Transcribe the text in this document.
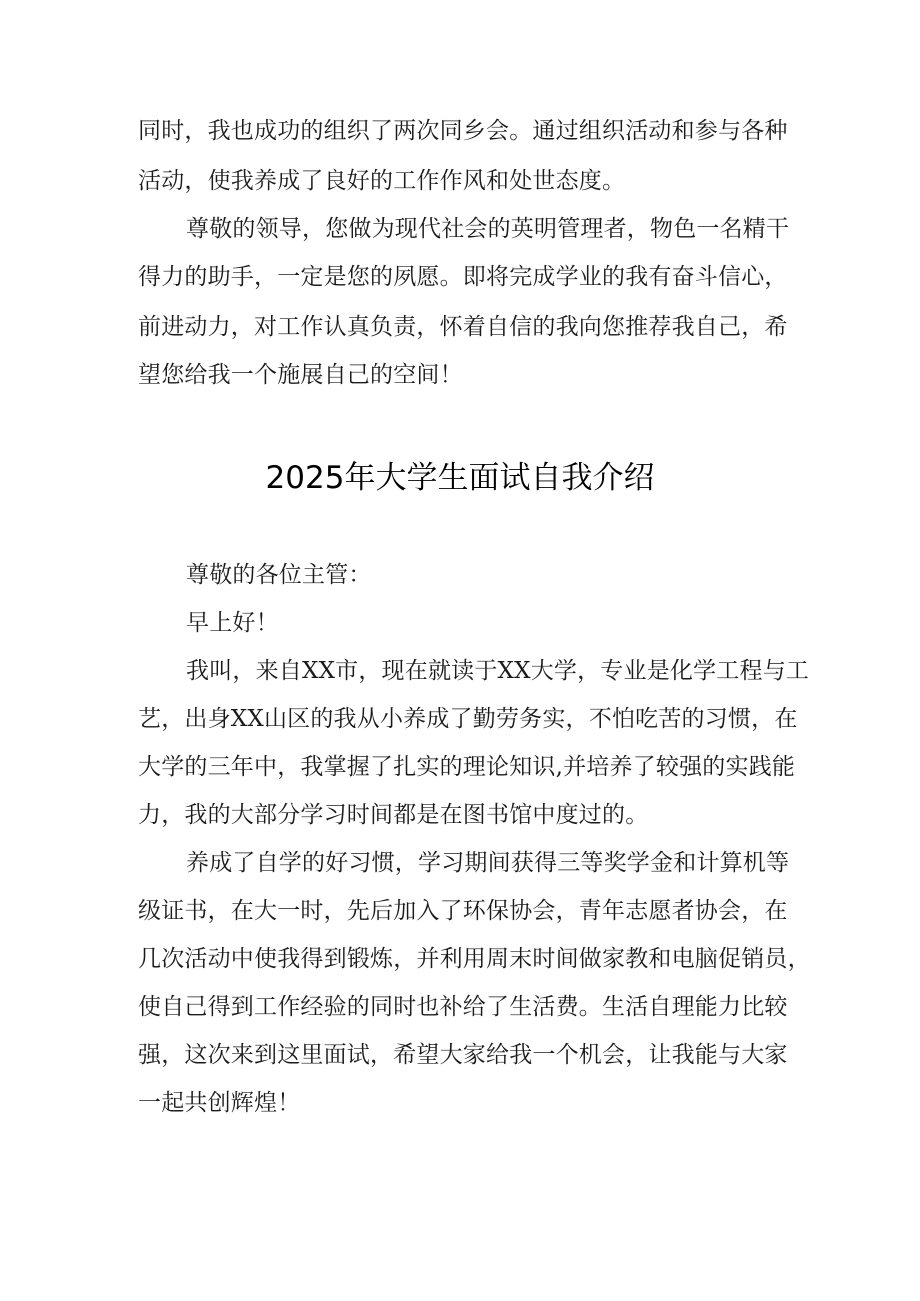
同时，我也成功的组织了两次同乡会。通过组织活动和参与各种
活动，使我养成了良好的工作作风和处世态度。
尊敬的领导，您做为现代社会的英明管理者，物色一名精干
得力的助手，一定是您的夙愿。即将完成学业的我有奋斗信心，
前进动力，对工作认真负责，怀着自信的我向您推荐我自己，希
望您给我一个施展自己的空间！
2025年大学生面试自我介绍
尊敬的各位主管：
早上好！
我叫，来自XX市，现在就读于XX大学，专业是化学工程与工
艺，出身XX山区的我从小养成了勤劳务实，不怕吃苦的习惯，在
大学的三年中，我掌握了扎实的理论知识,并培养了较强的实践能
力，我的大部分学习时间都是在图书馆中度过的。
养成了自学的好习惯，学习期间获得三等奖学金和计算机等
级证书，在大一时，先后加入了环保协会，青年志愿者协会，在
几次活动中使我得到锻炼，并利用周末时间做家教和电脑促销员，
使自己得到工作经验的同时也补给了生活费。生活自理能力比较
强，这次来到这里面试，希望大家给我一个机会，让我能与大家
一起共创辉煌！
